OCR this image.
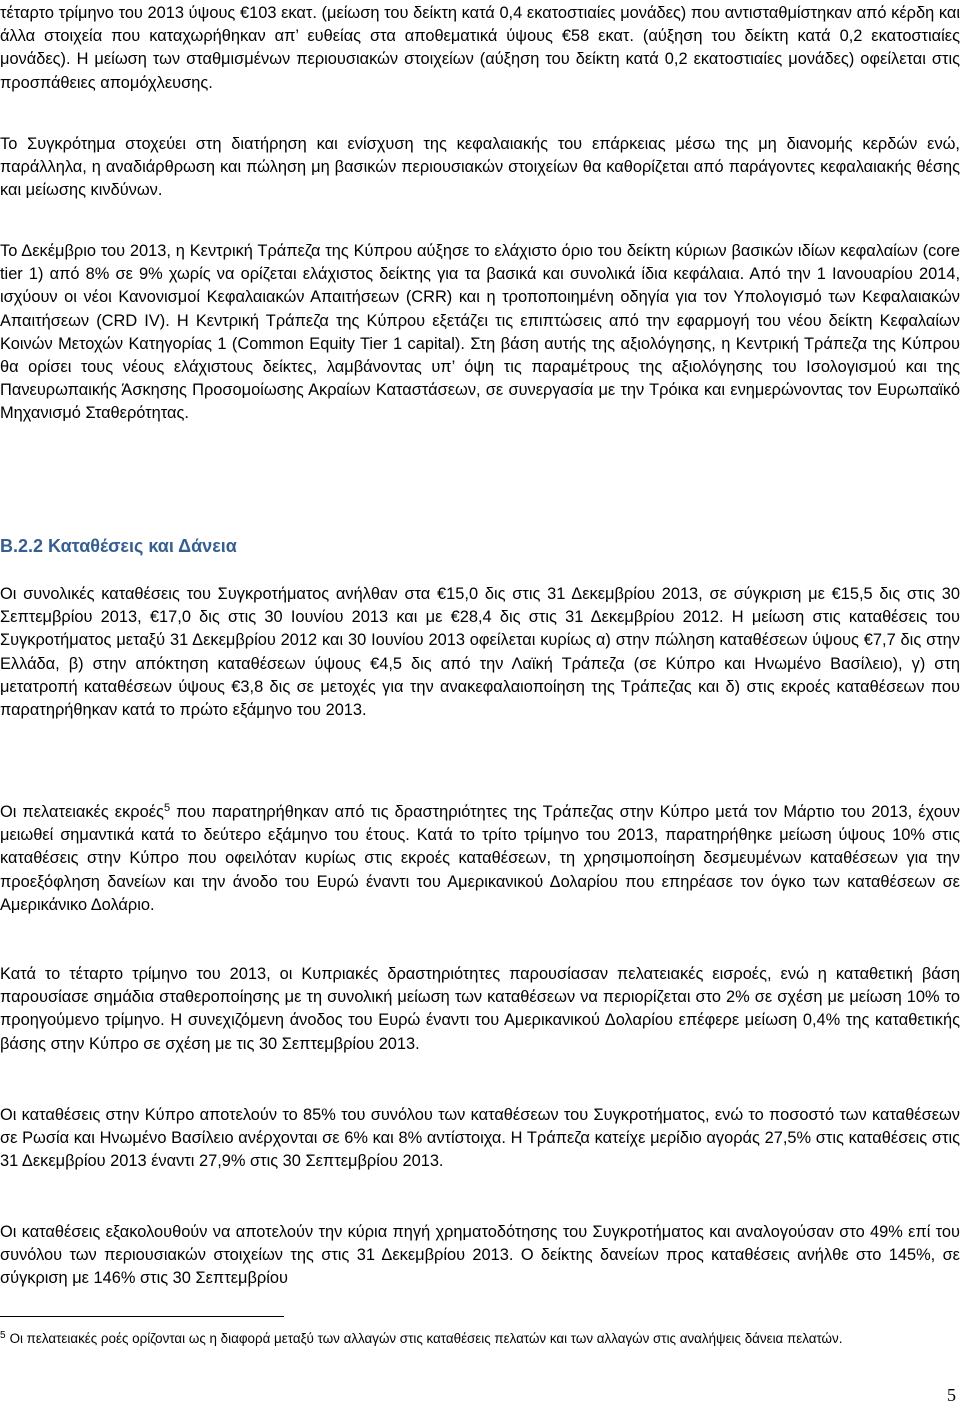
τέταρτο τρίμηνο του 2013 ύψους €103 εκατ. (μείωση του δείκτη κατά 0,4 εκατοστιαίες μονάδες) που αντισταθμίστηκαν από κέρδη και άλλα στοιχεία που καταχωρήθηκαν απ’ ευθείας στα αποθεματικά ύψους €58 εκατ. (αύξηση του δείκτη κατά 0,2 εκατοστιαίες μονάδες). Η μείωση των σταθμισμένων περιουσιακών στοιχείων (αύξηση του δείκτη κατά 0,2 εκατοστιαίες μονάδες) οφείλεται στις προσπάθειες απομόχλευσης.

Το Συγκρότημα στοχεύει στη διατήρηση και ενίσχυση της κεφαλαιακής του επάρκειας μέσω της μη διανομής κερδών ενώ, παράλληλα, η αναδιάρθρωση και πώληση μη βασικών περιουσιακών στοιχείων θα καθορίζεται από παράγοντες κεφαλαιακής θέσης και μείωσης κινδύνων.

Το Δεκέμβριο του 2013, η Κεντρική Τράπεζα της Κύπρου αύξησε το ελάχιστο όριο του δείκτη κύριων βασικών ιδίων κεφαλαίων (core tier 1) από 8% σε 9% χωρίς να ορίζεται ελάχιστος δείκτης για τα βασικά και συνολικά ίδια κεφάλαια. Από την 1 Ιανουαρίου 2014, ισχύουν οι νέοι Κανονισμοί Κεφαλαιακών Απαιτήσεων (CRR) και η τροποποιημένη οδηγία για τον Υπολογισμό των Κεφαλαιακών Απαιτήσεων (CRD IV). Η Κεντρική Τράπεζα της Κύπρου εξετάζει τις επιπτώσεις από την εφαρμογή του νέου δείκτη Κεφαλαίων Κοινών Μετοχών Κατηγορίας 1 (Common Equity Tier 1 capital). Στη βάση αυτής της αξιολόγησης, η Κεντρική Τράπεζα της Κύπρου θα ορίσει τους νέους ελάχιστους δείκτες, λαμβάνοντας υπ’ όψη τις παραμέτρους της αξιολόγησης του Ισολογισμού και της Πανευρωπαικής Άσκησης Προσομοίωσης Ακραίων Καταστάσεων, σε συνεργασία με την Τρόικα και ενημερώνοντας τον Ευρωπαϊκό Μηχανισμό Σταθερότητας.

Β.2.2 Καταθέσεις και Δάνεια

Οι συνολικές καταθέσεις του Συγκροτήματος ανήλθαν στα €15,0 δις στις 31 Δεκεμβρίου 2013, σε σύγκριση με €15,5 δις στις 30 Σεπτεμβρίου 2013, €17,0 δις στις 30 Ιουνίου 2013 και με €28,4 δις στις 31 Δεκεμβρίου 2012. Η μείωση στις καταθέσεις του Συγκροτήματος μεταξύ 31 Δεκεμβρίου 2012 και 30 Ιουνίου 2013 οφείλεται κυρίως α) στην πώληση καταθέσεων ύψους €7,7 δις στην Ελλάδα, β) στην απόκτηση καταθέσεων ύψους €4,5 δις από την Λαϊκή Τράπεζα (σε Κύπρο και Ηνωμένο Βασίλειο), γ) στη μετατροπή καταθέσεων ύψους €3,8 δις σε μετοχές για την ανακεφαλαιοποίηση της Τράπεζας και δ) στις εκροές καταθέσεων που παρατηρήθηκαν κατά το πρώτο εξάμηνο του 2013.

Οι πελατειακές εκροές$^5$ που παρατηρήθηκαν από τις δραστηριότητες της Τράπεζας στην Κύπρο μετά τον Μάρτιο του 2013, έχουν μειωθεί σημαντικά κατά το δεύτερο εξάμηνο του έτους. Κατά το τρίτο τρίμηνο του 2013, παρατηρήθηκε μείωση ύψους 10% στις καταθέσεις στην Κύπρο που οφειλόταν κυρίως στις εκροές καταθέσεων, τη χρησιμοποίηση δεσμευμένων καταθέσεων για την προεξόφληση δανείων και την άνοδο του Ευρώ έναντι του Αμερικανικού Δολαρίου που επηρέασε τον όγκο των καταθέσεων σε Αμερικάνικο Δολάριο.

Κατά το τέταρτο τρίμηνο του 2013, οι Κυπριακές δραστηριότητες παρουσίασαν πελατειακές εισροές, ενώ η καταθετική βάση παρουσίασε σημάδια σταθεροποίησης με τη συνολική μείωση των καταθέσεων να περιορίζεται στο 2% σε σχέση με μείωση 10% το προηγούμενο τρίμηνο. Η συνεχιζόμενη άνοδος του Ευρώ έναντι του Αμερικανικού Δολαρίου επέφερε μείωση 0,4% της καταθετικής βάσης στην Κύπρο σε σχέση με τις 30 Σεπτεμβρίου 2013.

Οι καταθέσεις στην Κύπρο αποτελούν το 85% του συνόλου των καταθέσεων του Συγκροτήματος, ενώ το ποσοστό των καταθέσεων σε Ρωσία και Ηνωμένο Βασίλειο ανέρχονται σε 6% και 8% αντίστοιχα. Η Τράπεζα κατείχε μερίδιο αγοράς 27,5% στις καταθέσεις στις 31 Δεκεμβρίου 2013 έναντι 27,9% στις 30 Σεπτεμβρίου 2013.

Οι καταθέσεις εξακολουθούν να αποτελούν την κύρια πηγή χρηματοδότησης του Συγκροτήματος και αναλογούσαν στο 49% επί του συνόλου των περιουσιακών στοιχείων της στις 31 Δεκεμβρίου 2013. Ο δείκτης δανείων προς καταθέσεις ανήλθε στο 145%, σε σύγκριση με 146% στις 30 Σεπτεμβρίου

$^5$ Οι πελατειακές ροές ορίζονται ως η διαφορά μεταξύ των αλλαγών στις καταθέσεις πελατών και των αλλαγών στις αναλήψεις δάνεια πελατών.

5
